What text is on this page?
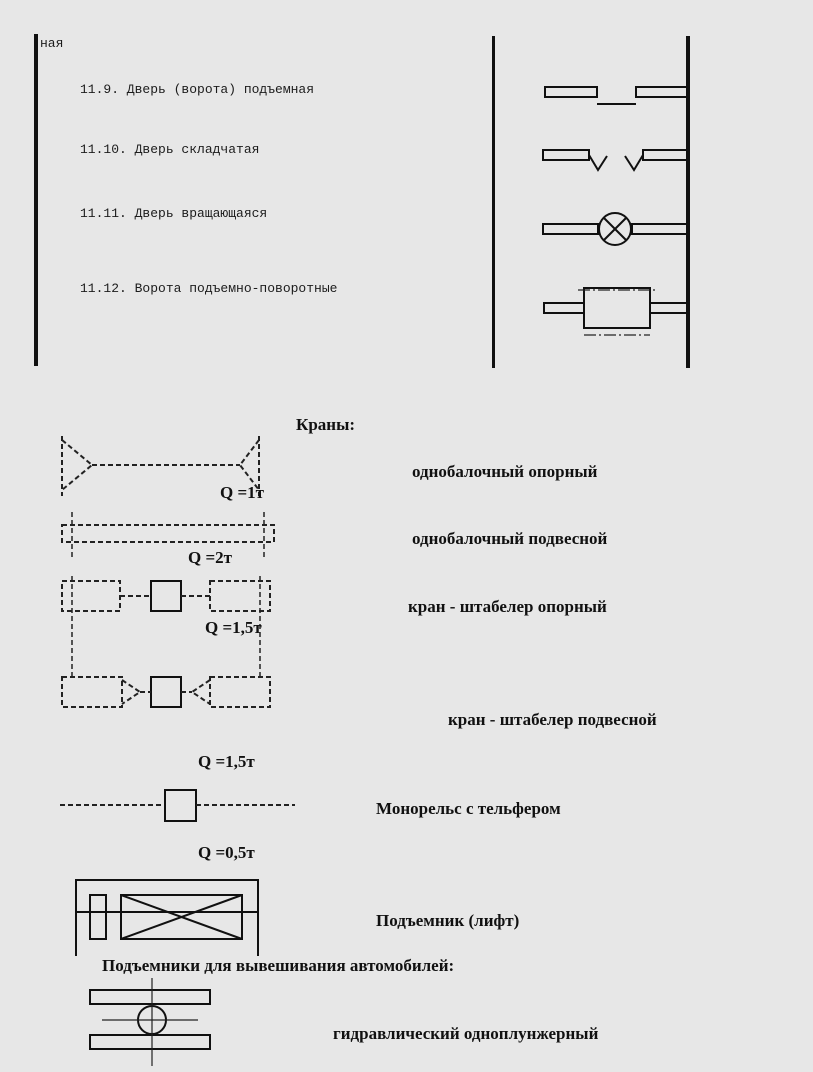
ная
11.9. Дверь (ворота) подъемная
11.10. Дверь складчатая
11.11. Дверь вращающаяся
11.12. Ворота подъемно-поворотные
Краны:
однобалочный опорный
Q =1т
однобалочный подвесной
Q =2т
кран - штабелер опорный
Q =1,5т
кран - штабелер подвесной
Q =1,5т
Монорельс с тельфером
Q =0,5т
Подъемник (лифт)
Подъемники для вывешивания автомобилей:
гидравлический одноплунжерный
